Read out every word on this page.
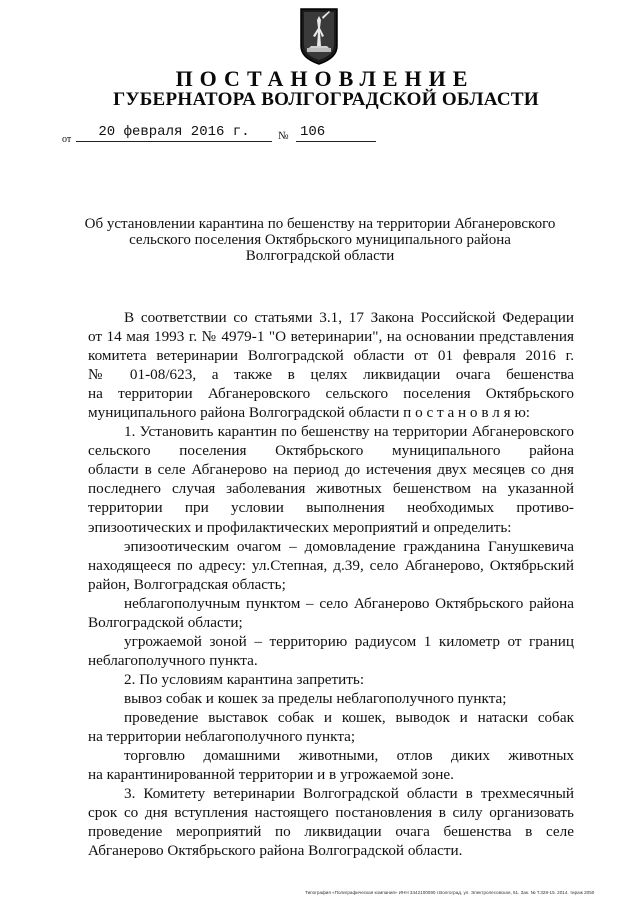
ПОСТАНОВЛЕНИЕ
ГУБЕРНАТОРА ВОЛГОГРАДСКОЙ ОБЛАСТИ
от	20 февраля 2016 г.	№ 106
Об установлении карантина по бешенству на территории Абганеровского
сельского поселения Октябрьского муниципального района
Волгоградской области
В соответствии со статьями 3.1, 17 Закона Российской Федерации
от 14 мая 1993 г. № 4979-1 "О ветеринарии", на основании представления
комитета ветеринарии Волгоградской области от 01 февраля 2016 г.
№ 01-08/623, а также в целях ликвидации очага бешенства
на территории Абганеровского сельского поселения Октябрьского
муниципального района Волгоградской области п о с т а н о в л я ю:
1. Установить карантин по бешенству на территории Абганеровского
сельского поселения Октябрьского муниципального района
области в селе Абганерово на период до истечения двух месяцев со дня
последнего случая заболевания животных бешенством на указанной
территории при условии выполнения необходимых противо-
эпизоотических и профилактических мероприятий и определить:
эпизоотическим очагом – домовладение гражданина Ганушкевича
находящееся по адресу: ул.Степная, д.39, село Абганерово, Октябрьский
район, Волгоградская область;
неблагополучным пунктом – село Абганерово Октябрьского района
Волгоградской области;
угрожаемой зоной – территорию радиусом 1 километр от границ
неблагополучного пункта.
2. По условиям карантина запретить:
вывоз собак и кошек за пределы неблагополучного пункта;
проведение выставок собак и кошек, выводок и натаски собак
на территории неблагополучного пункта;
торговлю домашними животными, отлов диких животных
на карантинированной территории и в угрожаемой зоне.
3. Комитету ветеринарии Волгоградской области в трехмесячный
срок со дня вступления настоящего постановления в силу организовать
проведение мероприятий по ликвидации очага бешенства в селе
Абганерово Октябрьского района Волгоградской области.
Типография «Полиграфическая компания» ИНН 3442100090 г.Волгоград, ул. Электролесовская, 61. Зак. № Т.328-15. 2014. тираж 2050
